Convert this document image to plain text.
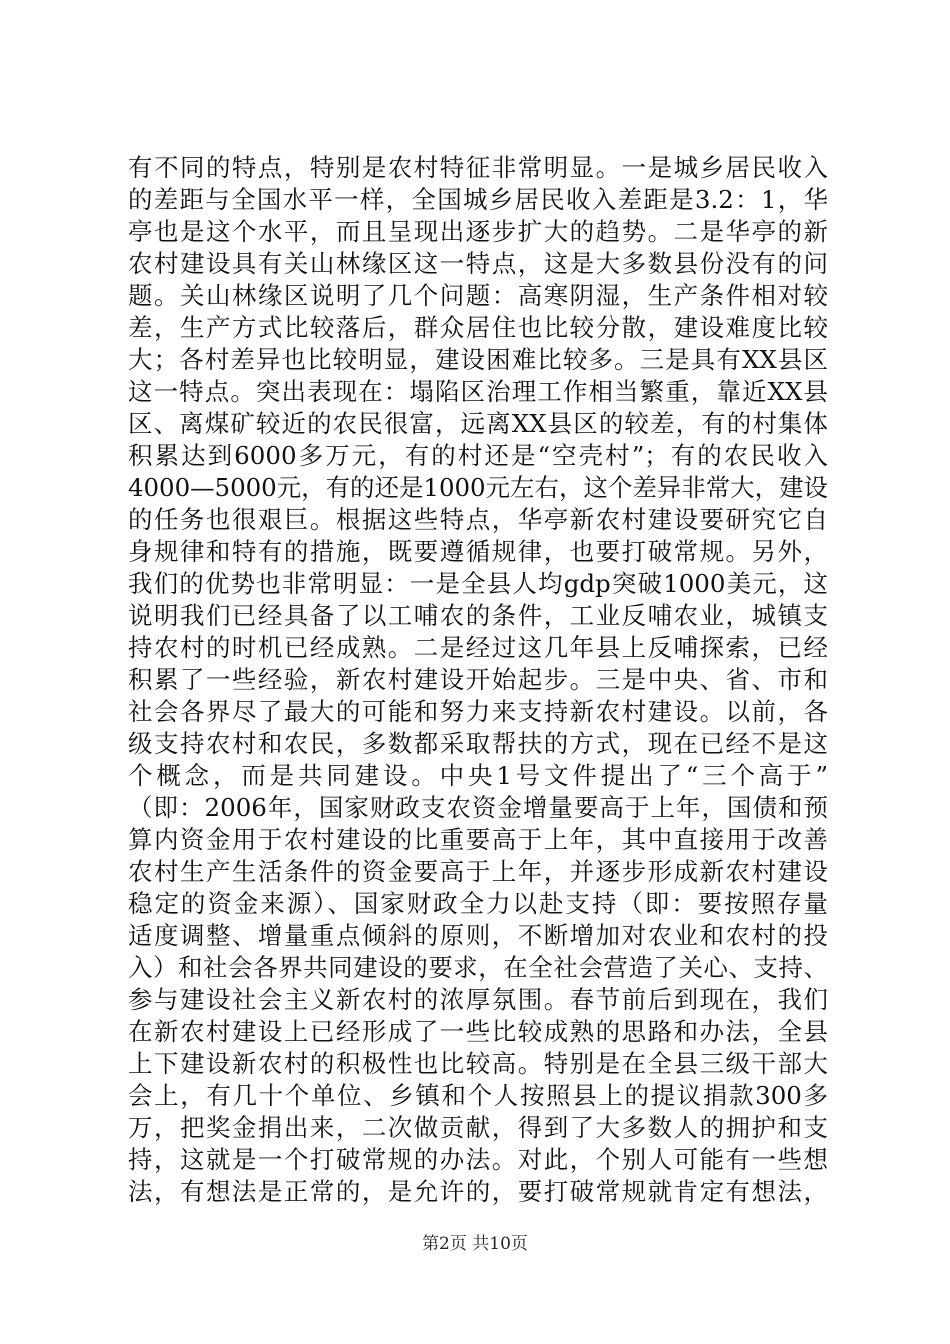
有不同的特点，特别是农村特征非常明显。一是城乡居民收入
的差距与全国水平一样，全国城乡居民收入差距是3.2：1，华
亭也是这个水平，而且呈现出逐步扩大的趋势。二是华亭的新
农村建设具有关山林缘区这一特点，这是大多数县份没有的问
题。关山林缘区说明了几个问题：高寒阴湿，生产条件相对较
差，生产方式比较落后，群众居住也比较分散，建设难度比较
大；各村差异也比较明显，建设困难比较多。三是具有XX县区
这一特点。突出表现在：塌陷区治理工作相当繁重，靠近XX县
区、离煤矿较近的农民很富，远离XX县区的较差，有的村集体
积累达到6000多万元，有的村还是“空壳村”；有的农民收入
4000—5000元，有的还是1000元左右，这个差异非常大，建设
的任务也很艰巨。根据这些特点，华亭新农村建设要研究它自
身规律和特有的措施，既要遵循规律，也要打破常规。另外，
我们的优势也非常明显：一是全县人均gdp突破1000美元，这
说明我们已经具备了以工哺农的条件，工业反哺农业，城镇支
持农村的时机已经成熟。二是经过这几年县上反哺探索，已经
积累了一些经验，新农村建设开始起步。三是中央、省、市和
社会各界尽了最大的可能和努力来支持新农村建设。以前，各
级支持农村和农民，多数都采取帮扶的方式，现在已经不是这
个概念，而是共同建设。中央1号文件提出了“三个高于”
（即：2006年，国家财政支农资金增量要高于上年，国债和预
算内资金用于农村建设的比重要高于上年，其中直接用于改善
农村生产生活条件的资金要高于上年，并逐步形成新农村建设
稳定的资金来源）、国家财政全力以赴支持（即：要按照存量
适度调整、增量重点倾斜的原则，不断增加对农业和农村的投
入）和社会各界共同建设的要求，在全社会营造了关心、支持、
参与建设社会主义新农村的浓厚氛围。春节前后到现在，我们
在新农村建设上已经形成了一些比较成熟的思路和办法，全县
上下建设新农村的积极性也比较高。特别是在全县三级干部大
会上，有几十个单位、乡镇和个人按照县上的提议捐款300多
万，把奖金捐出来，二次做贡献，得到了大多数人的拥护和支
持，这就是一个打破常规的办法。对此，个别人可能有一些想
法，有想法是正常的，是允许的，要打破常规就肯定有想法，
第2页 共10页
